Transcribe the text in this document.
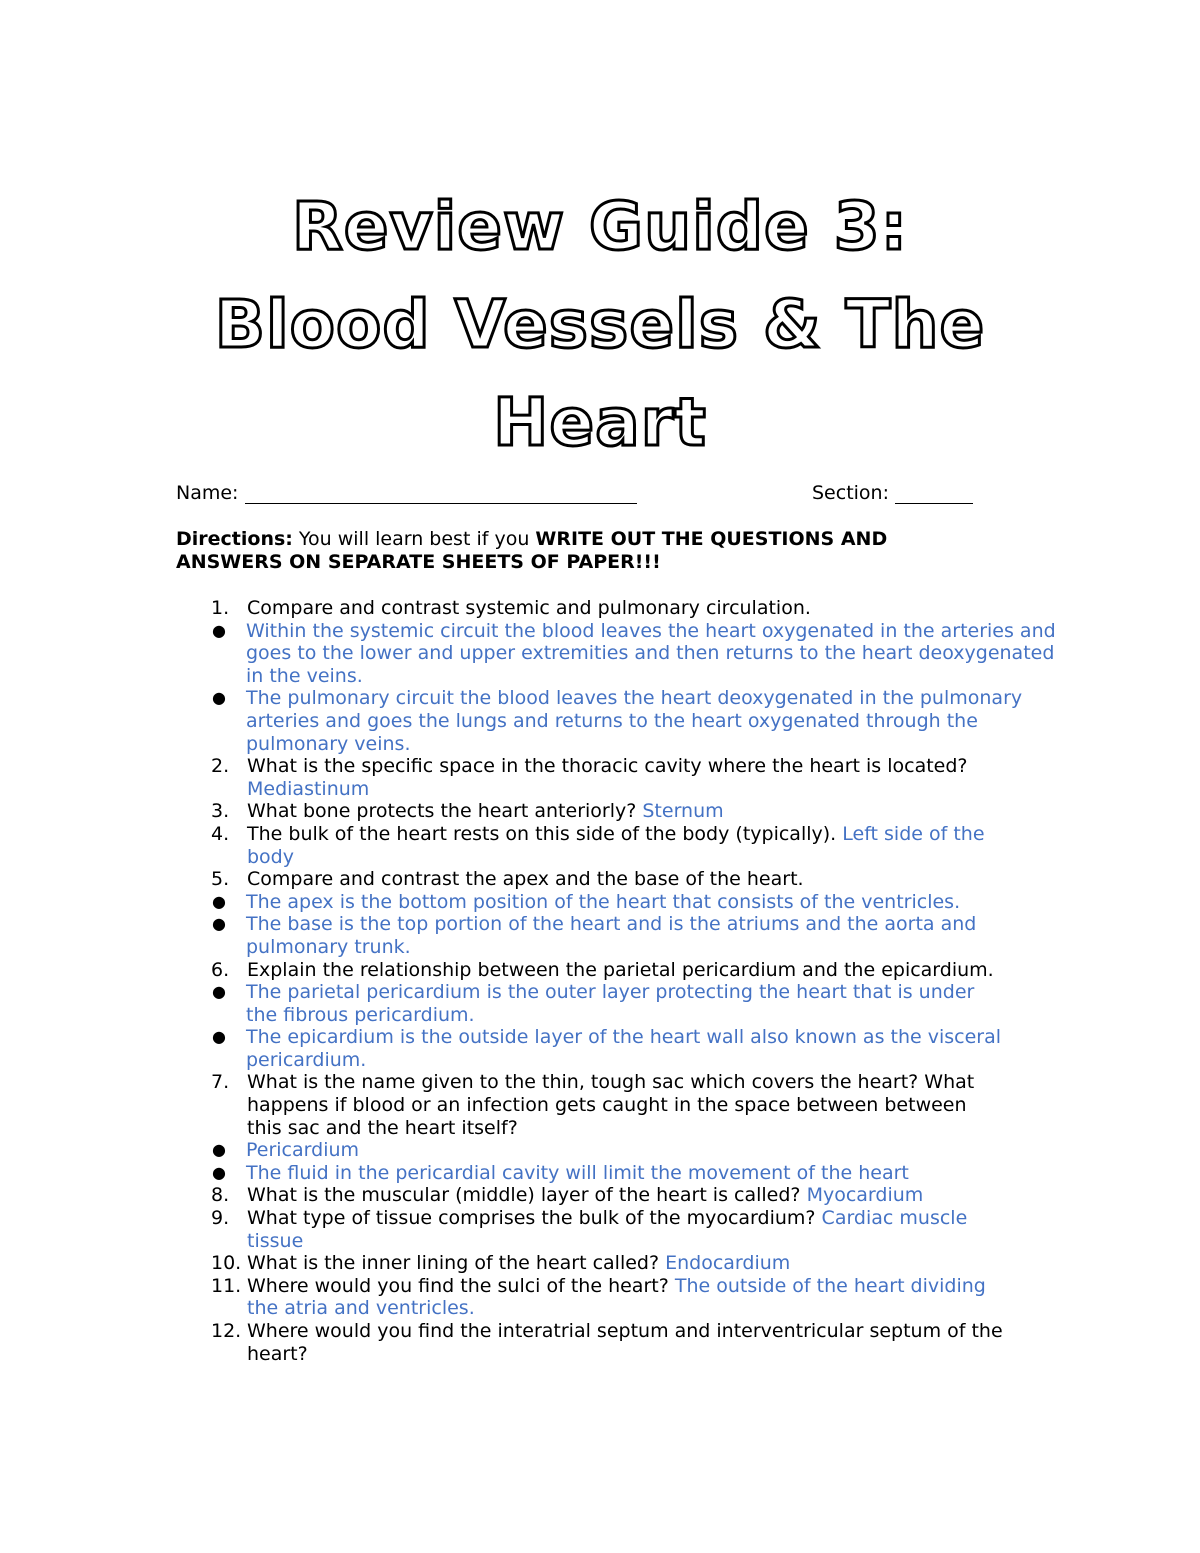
Review Guide 3:
Blood Vessels & The
Heart
Name:	Section:
Directions: You will learn best if you WRITE OUT THE QUESTIONS AND
ANSWERS ON SEPARATE SHEETS OF PAPER!!!
1. Compare and contrast systemic and pulmonary circulation.
● Within the systemic circuit the blood leaves the heart oxygenated in the arteries and goes to the lower and upper extremities and then returns to the heart deoxygenated in the veins.
● The pulmonary circuit the blood leaves the heart deoxygenated in the pulmonary arteries and goes the lungs and returns to the heart oxygenated through the pulmonary veins.
2. What is the specific space in the thoracic cavity where the heart is located? Mediastinum
3. What bone protects the heart anteriorly? Sternum
4. The bulk of the heart rests on this side of the body (typically). Left side of the body
5. Compare and contrast the apex and the base of the heart.
● The apex is the bottom position of the heart that consists of the ventricles.
● The base is the top portion of the heart and is the atriums and the aorta and pulmonary trunk.
6. Explain the relationship between the parietal pericardium and the epicardium.
● The parietal pericardium is the outer layer protecting the heart that is under the fibrous pericardium.
● The epicardium is the outside layer of the heart wall also known as the visceral pericardium.
7. What is the name given to the thin, tough sac which covers the heart? What happens if blood or an infection gets caught in the space between between this sac and the heart itself?
● Pericardium
● The fluid in the pericardial cavity will limit the movement of the heart
8. What is the muscular (middle) layer of the heart is called? Myocardium
9. What type of tissue comprises the bulk of the myocardium? Cardiac muscle tissue
10. What is the inner lining of the heart called? Endocardium
11. Where would you find the sulci of the heart? The outside of the heart dividing the atria and ventricles.
12. Where would you find the interatrial septum and interventricular septum of the heart?
